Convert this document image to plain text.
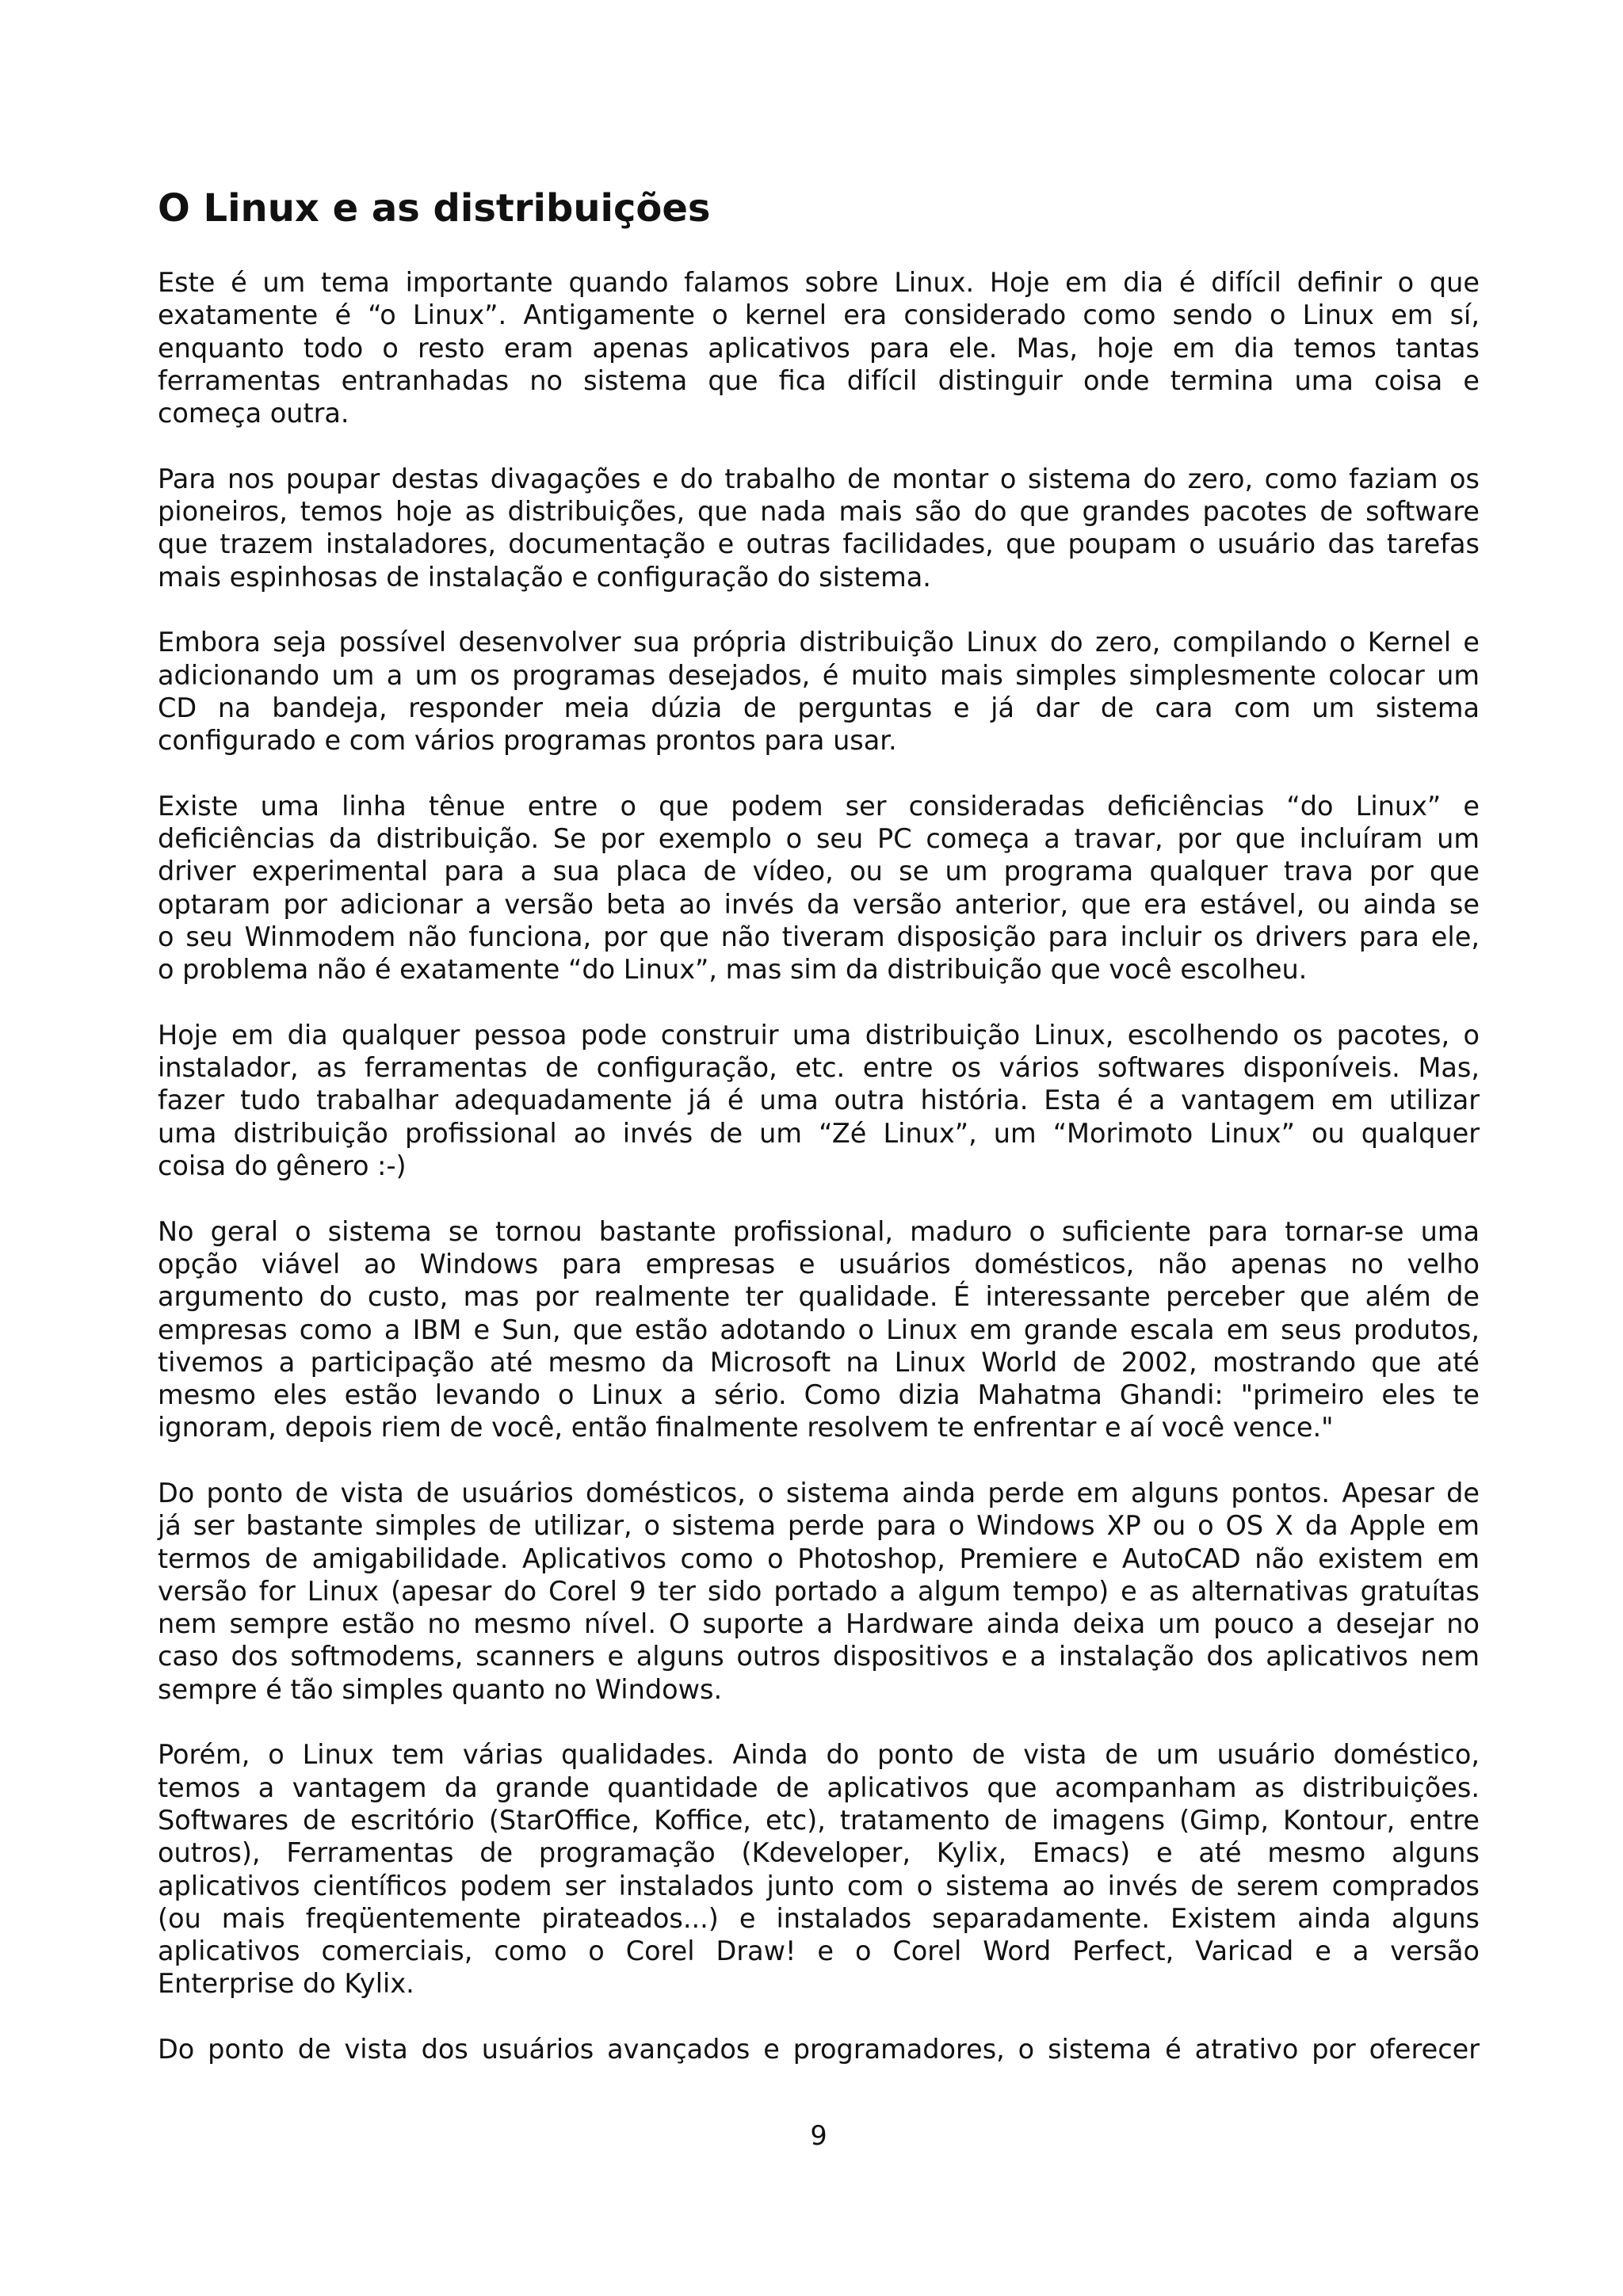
O Linux e as distribuições
Este é um tema importante quando falamos sobre Linux. Hoje em dia é difícil definir o que
exatamente é “o Linux”. Antigamente o kernel era considerado como sendo o Linux em sí,
enquanto todo o resto eram apenas aplicativos para ele. Mas, hoje em dia temos tantas
ferramentas entranhadas no sistema que fica difícil distinguir onde termina uma coisa e
começa outra.
Para nos poupar destas divagações e do trabalho de montar o sistema do zero, como faziam os
pioneiros, temos hoje as distribuições, que nada mais são do que grandes pacotes de software
que trazem instaladores, documentação e outras facilidades, que poupam o usuário das tarefas
mais espinhosas de instalação e configuração do sistema.
Embora seja possível desenvolver sua própria distribuição Linux do zero, compilando o Kernel e
adicionando um a um os programas desejados, é muito mais simples simplesmente colocar um
CD na bandeja, responder meia dúzia de perguntas e já dar de cara com um sistema
configurado e com vários programas prontos para usar.
Existe uma linha tênue entre o que podem ser consideradas deficiências “do Linux” e
deficiências da distribuição. Se por exemplo o seu PC começa a travar, por que incluíram um
driver experimental para a sua placa de vídeo, ou se um programa qualquer trava por que
optaram por adicionar a versão beta ao invés da versão anterior, que era estável, ou ainda se
o seu Winmodem não funciona, por que não tiveram disposição para incluir os drivers para ele,
o problema não é exatamente “do Linux”, mas sim da distribuição que você escolheu.
Hoje em dia qualquer pessoa pode construir uma distribuição Linux, escolhendo os pacotes, o
instalador, as ferramentas de configuração, etc. entre os vários softwares disponíveis. Mas,
fazer tudo trabalhar adequadamente já é uma outra história. Esta é a vantagem em utilizar
uma distribuição profissional ao invés de um “Zé Linux”, um “Morimoto Linux” ou qualquer
coisa do gênero :-)
No geral o sistema se tornou bastante profissional, maduro o suficiente para tornar-se uma
opção viável ao Windows para empresas e usuários domésticos, não apenas no velho
argumento do custo, mas por realmente ter qualidade. É interessante perceber que além de
empresas como a IBM e Sun, que estão adotando o Linux em grande escala em seus produtos,
tivemos a participação até mesmo da Microsoft na Linux World de 2002, mostrando que até
mesmo eles estão levando o Linux a sério. Como dizia Mahatma Ghandi: "primeiro eles te
ignoram, depois riem de você, então finalmente resolvem te enfrentar e aí você vence."
Do ponto de vista de usuários domésticos, o sistema ainda perde em alguns pontos. Apesar de
já ser bastante simples de utilizar, o sistema perde para o Windows XP ou o OS X da Apple em
termos de amigabilidade. Aplicativos como o Photoshop, Premiere e AutoCAD não existem em
versão for Linux (apesar do Corel 9 ter sido portado a algum tempo) e as alternativas gratuítas
nem sempre estão no mesmo nível. O suporte a Hardware ainda deixa um pouco a desejar no
caso dos softmodems, scanners e alguns outros dispositivos e a instalação dos aplicativos nem
sempre é tão simples quanto no Windows.
Porém, o Linux tem várias qualidades. Ainda do ponto de vista de um usuário doméstico,
temos a vantagem da grande quantidade de aplicativos que acompanham as distribuições.
Softwares de escritório (StarOffice, Koffice, etc), tratamento de imagens (Gimp, Kontour, entre
outros), Ferramentas de programação (Kdeveloper, Kylix, Emacs) e até mesmo alguns
aplicativos científicos podem ser instalados junto com o sistema ao invés de serem comprados
(ou mais freqüentemente pirateados...) e instalados separadamente. Existem ainda alguns
aplicativos comerciais, como o Corel Draw! e o Corel Word Perfect, Varicad e a versão
Enterprise do Kylix.
Do ponto de vista dos usuários avançados e programadores, o sistema é atrativo por oferecer
9
